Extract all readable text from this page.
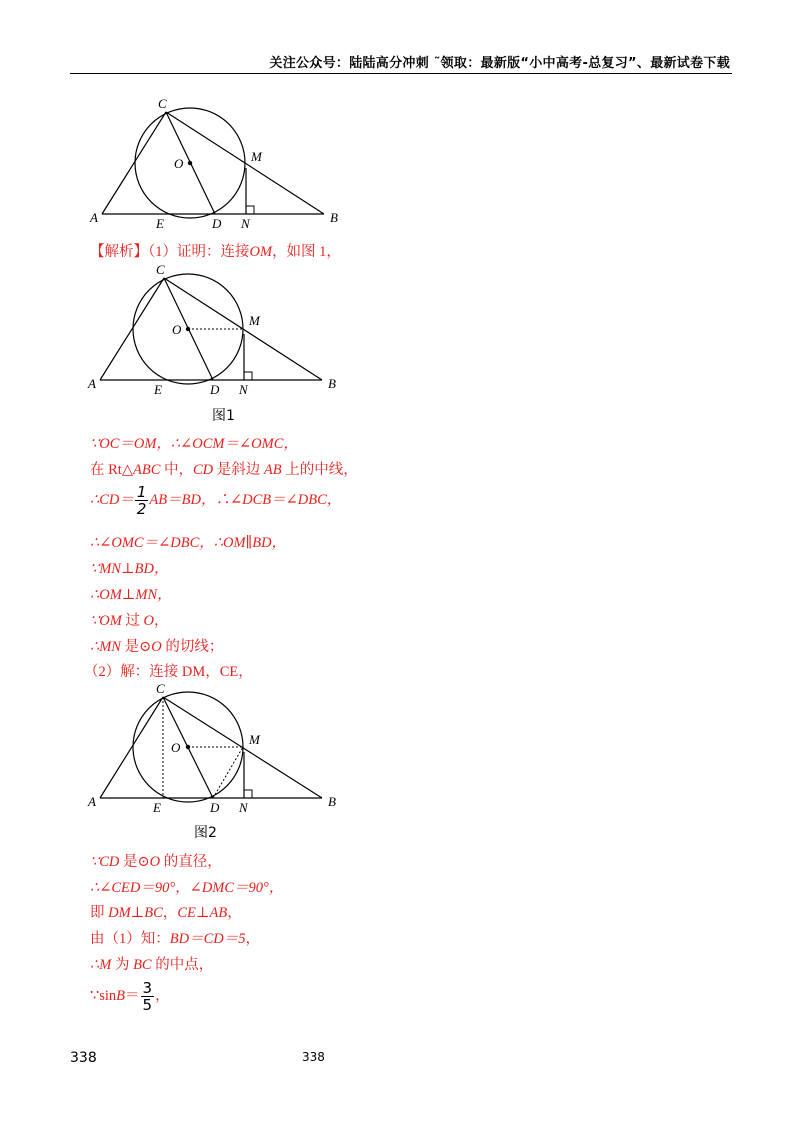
关注公众号：陆陆高分冲刺 ˜领取：最新版“小中高考-总复习”、最新试卷下载
C
O	M
A	E	D N	B
【解析】（1）证明：连接OM，如图 1，
C
O
M
A	E	D N	B
图1
∵OC＝OM，∴∠OCM＝∠OMC，
在 Rt△ABC 中，CD 是斜边 AB 上的中线，
∴CD＝ $\frac{1}{2} AB=BD$，∴∠DCB＝∠DBC，
∴∠OMC＝∠DBC，∴OM∥BD，
∵MN⊥BD，
∴OM⊥MN，
∵OM 过 O，
∴MN 是⊙O 的切线；
（2）解：连接 DM，CE，
C
O
M
A	E	D N	B
图2
∵CD 是⊙O 的直径，
∴∠CED＝90°，∠DMC＝90°，
即 DM⊥BC，CE⊥AB，
由（1）知：BD＝CD＝5，
∴M 为 BC 的中点，
∵sinB＝ $\frac{3}{5}$ ，
338	338
